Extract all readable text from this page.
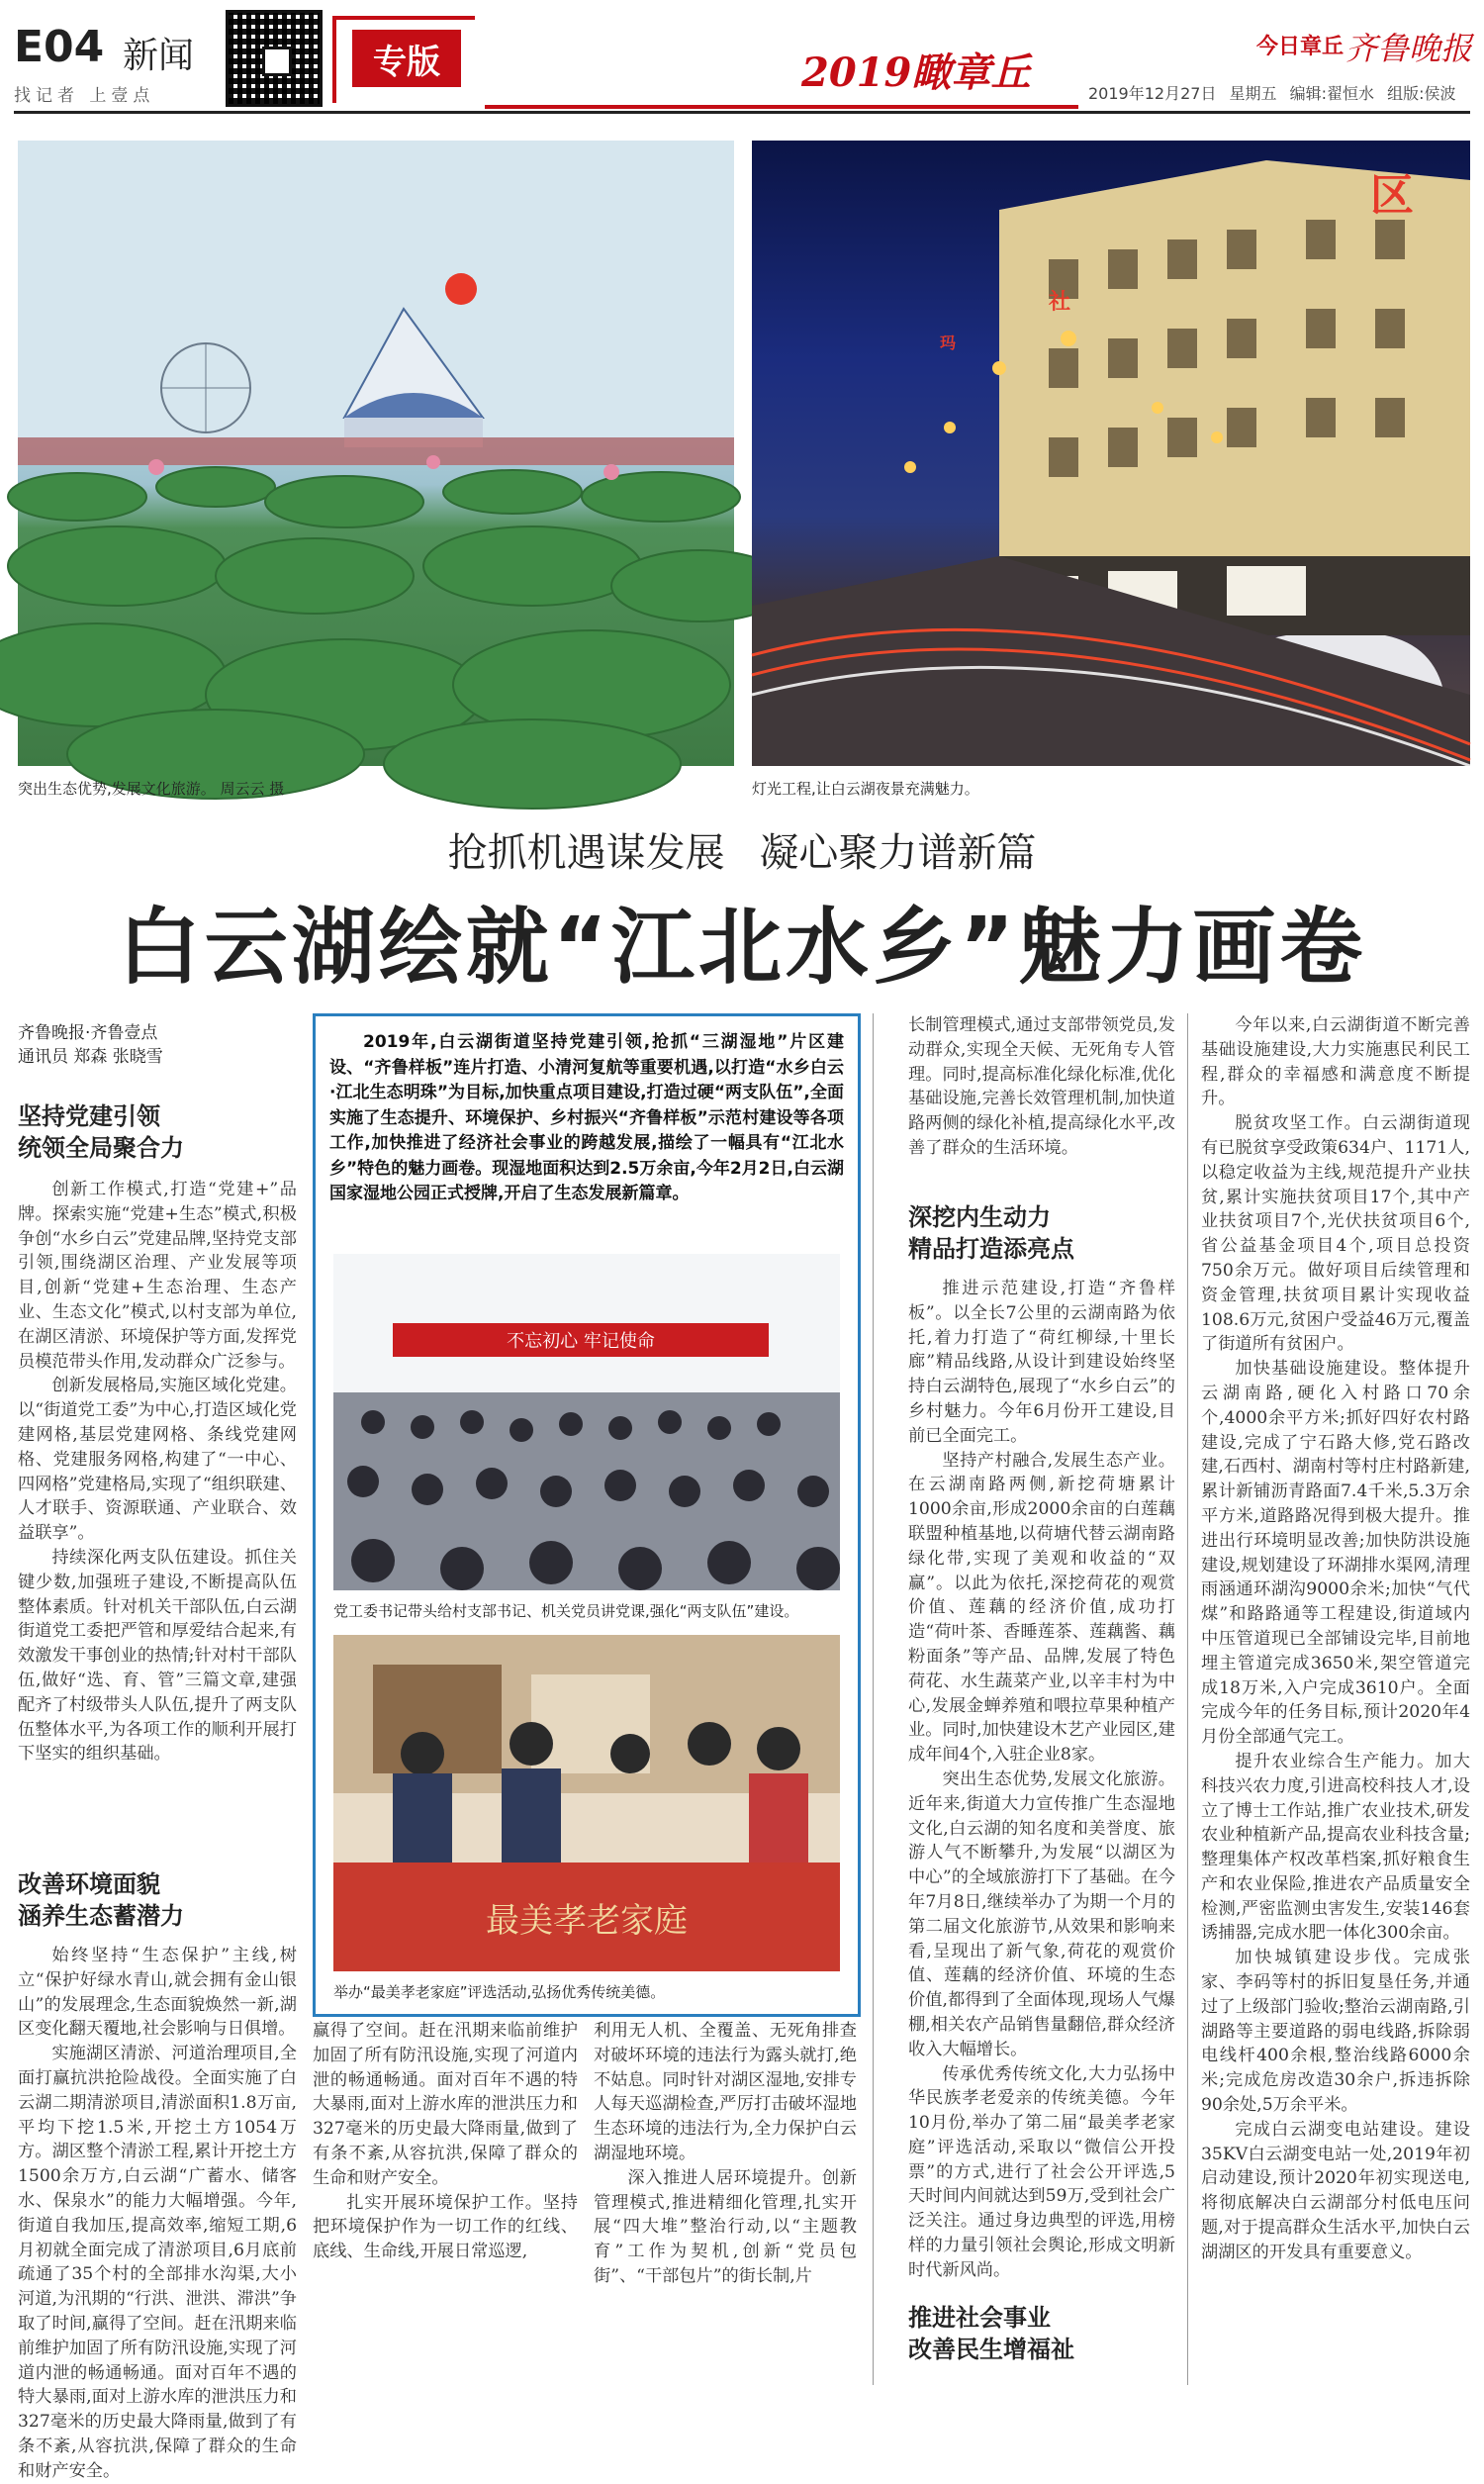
E04 新闻
找记者 上壹点
专版	2019瞰章丘
今日章丘 齐鲁晚报
2019年12月27日 星期五 编辑:翟恒水 组版:侯波
突出生态优势,发展文化旅游。 周云云 摄
区
社
玛
灯光工程,让白云湖夜景充满魅力。
抢抓机遇谋发展 凝心聚力谱新篇
白云湖绘就“江北水乡”魅力画卷
齐鲁晚报·齐鲁壹点
通讯员 郑森 张晓雪
坚持党建引领
统领全局聚合力

创新工作模式,打造“党建+”品牌。探索实施“党建+生态”模式,积极争创“水乡白云”党建品牌,坚持党支部引领,围绕湖区治理、产业发展等项目,创新“党建+生态治理、生态产业、生态文化”模式,以村支部为单位,在湖区清淤、环境保护等方面,发挥党员模范带头作用,发动群众广泛参与。

创新发展格局,实施区域化党建。以“街道党工委”为中心,打造区域化党建网格,基层党建网格、条线党建网格、党建服务网格,构建了“一中心、四网格”党建格局,实现了“组织联建、人才联手、资源联通、产业联合、效益联享”。

持续深化两支队伍建设。抓住关键少数,加强班子建设,不断提高队伍整体素质。针对机关干部队伍,白云湖街道党工委把严管和厚爱结合起来,有效激发干事创业的热情;针对村干部队伍,做好“选、育、管”三篇文章,建强配齐了村级带头人队伍,提升了两支队伍整体水平,为各项工作的顺利开展打下坚实的组织基础。

改善环境面貌
涵养生态蓄潜力

始终坚持“生态保护”主线,树立“保护好绿水青山,就会拥有金山银山”的发展理念,生态面貌焕然一新,湖区变化翻天覆地,社会影响与日俱增。

实施湖区清淤、河道治理项目,全面打赢抗洪抢险战役。全面实施了白云湖二期清淤项目,清淤面积1.8万亩,平均下挖1.5米,开挖土方1054万方。湖区整个清淤工程,累计开挖土方1500余万方,白云湖“广蓄水、储客水、保泉水”的能力大幅增强。今年,街道自我加压,提高效率,缩短工期,6月初就全面完成了清淤项目,6月底前疏通了35个村的全部排水沟渠,大小河道,为汛期的“行洪、泄洪、滞洪”争取了时间,赢得了空间。赶在汛期来临前维护加固了所有防汛设施,实现了河道内泄的畅通畅通。面对百年不遇的特大暴雨,面对上游水库的泄洪压力和327毫米的历史最大降雨量,做到了有条不紊,从容抗洪,保障了群众的生命和财产安全。

赢得了空间。赶在汛期来临前维护加固了所有防汛设施,实现了河道内泄的畅通畅通。面对百年不遇的特大暴雨,面对上游水库的泄洪压力和327毫米的历史最大降雨量,做到了有条不紊,从容抗洪,保障了群众的生命和财产安全。

扎实开展环境保护工作。坚持把环境保护作为一切工作的红线、底线、生命线,开展日常巡逻,

利用无人机、全覆盖、无死角排查对破坏环境的违法行为露头就打,绝不姑息。同时针对湖区湿地,安排专人每天巡湖检查,严厉打击破坏湿地生态环境的违法行为,全力保护白云湖湿地环境。

深入推进人居环境提升。创新管理模式,推进精细化管理,扎实开展“四大堆”整治行动,以“主题教育”工作为契机,创新“党员包街”、“干部包片”的街长制,片

2019年,白云湖街道坚持党建引领,抢抓“三湖湿地”片区建设、“齐鲁样板”连片打造、小清河复航等重要机遇,以打造“水乡白云·江北生态明珠”为目标,加快重点项目建设,打造过硬“两支队伍”,全面实施了生态提升、环境保护、乡村振兴“齐鲁样板”示范村建设等各项工作,加快推进了经济社会事业的跨越发展,描绘了一幅具有“江北水乡”特色的魅力画卷。现湿地面积达到2.5万余亩,今年2月2日,白云湖国家湿地公园正式授牌,开启了生态发展新篇章。

不忘初心 牢记使命
党工委书记带头给村支部书记、机关党员讲党课,强化“两支队伍”建设。
最美孝老家庭
举办“最美孝老家庭”评选活动,弘扬优秀传统美德。

长制管理模式,通过支部带领党员,发动群众,实现全天候、无死角专人管理。同时,提高标准化绿化标准,优化基础设施,完善长效管理机制,加快道路两侧的绿化补植,提高绿化水平,改善了群众的生活环境。

深挖内生动力
精品打造添亮点

推进示范建设,打造“齐鲁样板”。以全长7公里的云湖南路为依托,着力打造了“荷红柳绿,十里长廊”精品线路,从设计到建设始终坚持白云湖特色,展现了“水乡白云”的乡村魅力。今年6月份开工建设,目前已全面完工。

坚持产村融合,发展生态产业。在云湖南路两侧,新挖荷塘累计1000余亩,形成2000余亩的白莲藕联盟种植基地,以荷塘代替云湖南路绿化带,实现了美观和收益的“双赢”。以此为依托,深挖荷花的观赏价值、莲藕的经济价值,成功打造“荷叶茶、香睡莲茶、莲藕酱、藕粉面条”等产品、品牌,发展了特色荷花、水生蔬菜产业,以辛丰村为中心,发展金蝉养殖和喂拉草果种植产业。同时,加快建设木艺产业园区,建成年间4个,入驻企业8家。

突出生态优势,发展文化旅游。近年来,街道大力宣传推广生态湿地文化,白云湖的知名度和美誉度、旅游人气不断攀升,为发展“以湖区为中心”的全域旅游打下了基础。在今年7月8日,继续举办了为期一个月的第二届文化旅游节,从效果和影响来看,呈现出了新气象,荷花的观赏价值、莲藕的经济价值、环境的生态价值,都得到了全面体现,现场人气爆棚,相关农产品销售量翻倍,群众经济收入大幅增长。

传承优秀传统文化,大力弘扬中华民族孝老爱亲的传统美德。今年10月份,举办了第二届“最美孝老家庭”评选活动,采取以“微信公开投票”的方式,进行了社会公开评选,5天时间内间就达到59万,受到社会广泛关注。通过身边典型的评选,用榜样的力量引领社会舆论,形成文明新时代新风尚。

推进社会事业
改善民生增福祉

今年以来,白云湖街道不断完善基础设施建设,大力实施惠民利民工程,群众的幸福感和满意度不断提升。

脱贫攻坚工作。白云湖街道现有已脱贫享受政策634户、1171人,以稳定收益为主线,规范提升产业扶贫,累计实施扶贫项目17个,其中产业扶贫项目7个,光伏扶贫项目6个,省公益基金项目4个,项目总投资750余万元。做好项目后续管理和资金管理,扶贫项目累计实现收益108.6万元,贫困户受益46万元,覆盖了街道所有贫困户。

加快基础设施建设。整体提升云湖南路,硬化入村路口70余个,4000余平方米;抓好四好农村路建设,完成了宁石路大修,党石路改建,石西村、湖南村等村庄村路新建,累计新铺沥青路面7.4千米,5.3万余平方米,道路路况得到极大提升。推进出行环境明显改善;加快防洪设施建设,规划建设了环湖排水渠网,清理雨涵通环湖沟9000余米;加快“气代煤”和路路通等工程建设,街道域内中压管道现已全部铺设完毕,目前地埋主管道完成3650米,架空管道完成18万米,入户完成3610户。全面完成今年的任务目标,预计2020年4月份全部通气完工。

提升农业综合生产能力。加大科技兴农力度,引进高校科技人才,设立了博士工作站,推广农业技术,研发农业种植新产品,提高农业科技含量;整理集体产权改革档案,抓好粮食生产和农业保险,推进农产品质量安全检测,严密监测虫害发生,安装146套诱捕器,完成水肥一体化300余亩。

加快城镇建设步伐。完成张家、李码等村的拆旧复垦任务,并通过了上级部门验收;整治云湖南路,引湖路等主要道路的弱电线路,拆除弱电线杆400余根,整治线路6000余米;完成危房改造30余户,拆违拆除90余处,5万余平米。

完成白云湖变电站建设。建设35KV白云湖变电站一处,2019年初启动建设,预计2020年初实现送电,将彻底解决白云湖部分村低电压问题,对于提高群众生活水平,加快白云湖湖区的开发具有重要意义。
